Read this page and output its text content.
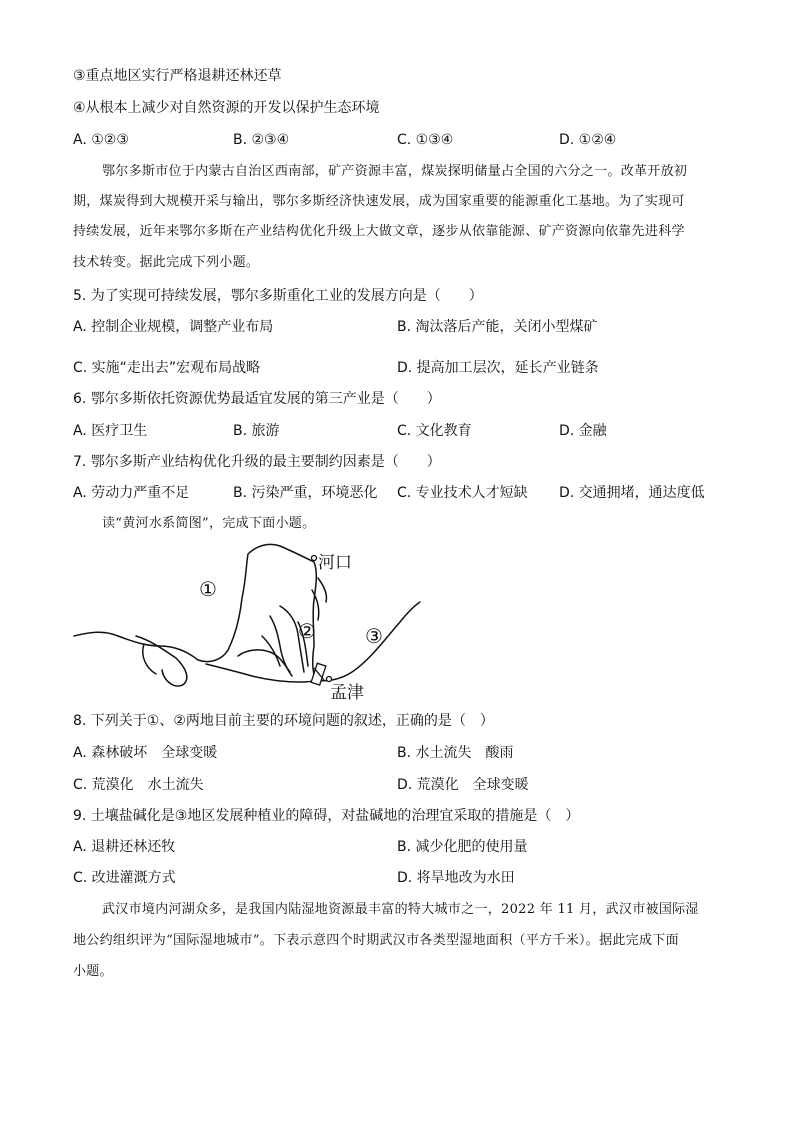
③重点地区实行严格退耕还林还草
④从根本上减少对自然资源的开发以保护生态环境
A. ①②③	B. ②③④	C. ①③④	D. ①②④
鄂尔多斯市位于内蒙古自治区西南部，矿产资源丰富，煤炭探明储量占全国的六分之一。改革开放初
期，煤炭得到大规模开采与输出，鄂尔多斯经济快速发展，成为国家重要的能源重化工基地。为了实现可
持续发展，近年来鄂尔多斯在产业结构优化升级上大做文章，逐步从依靠能源、矿产资源向依靠先进科学
技术转变。据此完成下列小题。
5. 为了实现可持续发展，鄂尔多斯重化工业的发展方向是（　　）
A. 控制企业规模，调整产业布局	B. 淘汰落后产能，关闭小型煤矿
C. 实施“走出去”宏观布局战略	D. 提高加工层次，延长产业链条
6. 鄂尔多斯依托资源优势最适宜发展的第三产业是（　　）
A. 医疗卫生	B. 旅游	C. 文化教育	D. 金融
7. 鄂尔多斯产业结构优化升级的最主要制约因素是（　　）
A. 劳动力严重不足	B. 污染严重，环境恶化 C. 专业技术人才短缺 D. 交通拥堵，通达度低
读“黄河水系简图”，完成下面小题。
①
② ③
河口
孟津
8. 下列关于①、②两地目前主要的环境问题的叙述，正确的是（　）
A. 森林破坏　全球变暖	B. 水土流失　酸雨
C. 荒漠化　水土流失	D. 荒漠化　全球变暖
9. 土壤盐碱化是③地区发展种植业的障碍，对盐碱地的治理宜采取的措施是（　）
A. 退耕还林还牧	B. 减少化肥的使用量
C. 改进灌溉方式	D. 将旱地改为水田
武汉市境内河湖众多，是我国内陆湿地资源最丰富的特大城市之一，2022 年 11 月，武汉市被国际湿
地公约组织评为“国际湿地城市”。下表示意四个时期武汉市各类型湿地面积（平方千米）。据此完成下面
小题。
